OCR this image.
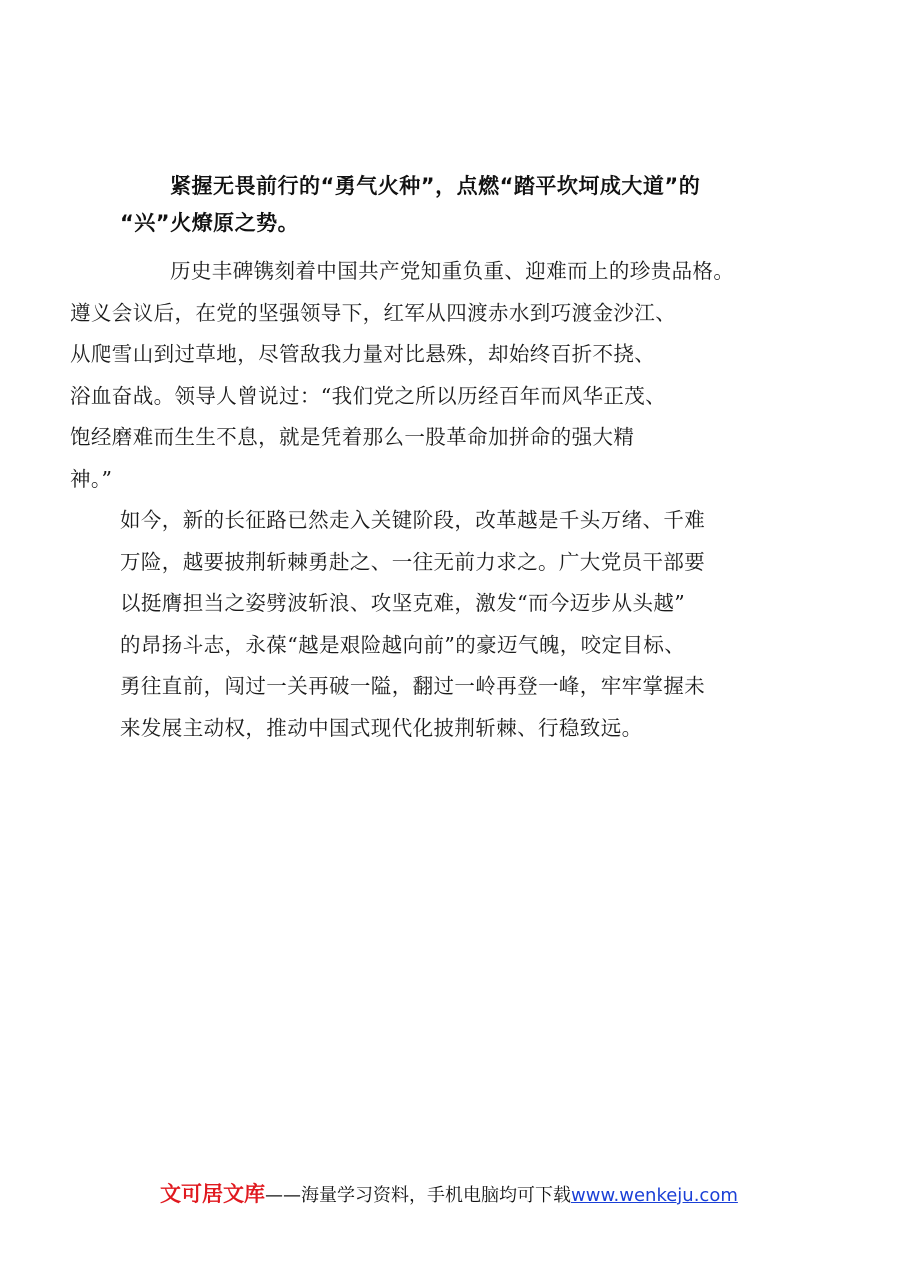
紧握无畏前行的“勇气火种”，点燃“踏平坎坷成大道”的
“兴”火燎原之势。
历史丰碑镌刻着中国共产党知重负重、迎难而上的珍贵品格。
遵义会议后，在党的坚强领导下，红军从四渡赤水到巧渡金沙江、
从爬雪山到过草地，尽管敌我力量对比悬殊，却始终百折不挠、
浴血奋战。领导人曾说过：“我们党之所以历经百年而风华正茂、
饱经磨难而生生不息，就是凭着那么一股革命加拼命的强大精
神。”
如今，新的长征路已然走入关键阶段，改革越是千头万绪、千难
万险，越要披荆斩棘勇赴之、一往无前力求之。广大党员干部要
以挺膺担当之姿劈波斩浪、攻坚克难，激发“而今迈步从头越”
的昂扬斗志，永葆“越是艰险越向前”的豪迈气魄，咬定目标、
勇往直前，闯过一关再破一隘，翻过一岭再登一峰，牢牢掌握未
来发展主动权，推动中国式现代化披荆斩棘、行稳致远。
文可居文库——海量学习资料，手机电脑均可下载www.wenkeju.com
